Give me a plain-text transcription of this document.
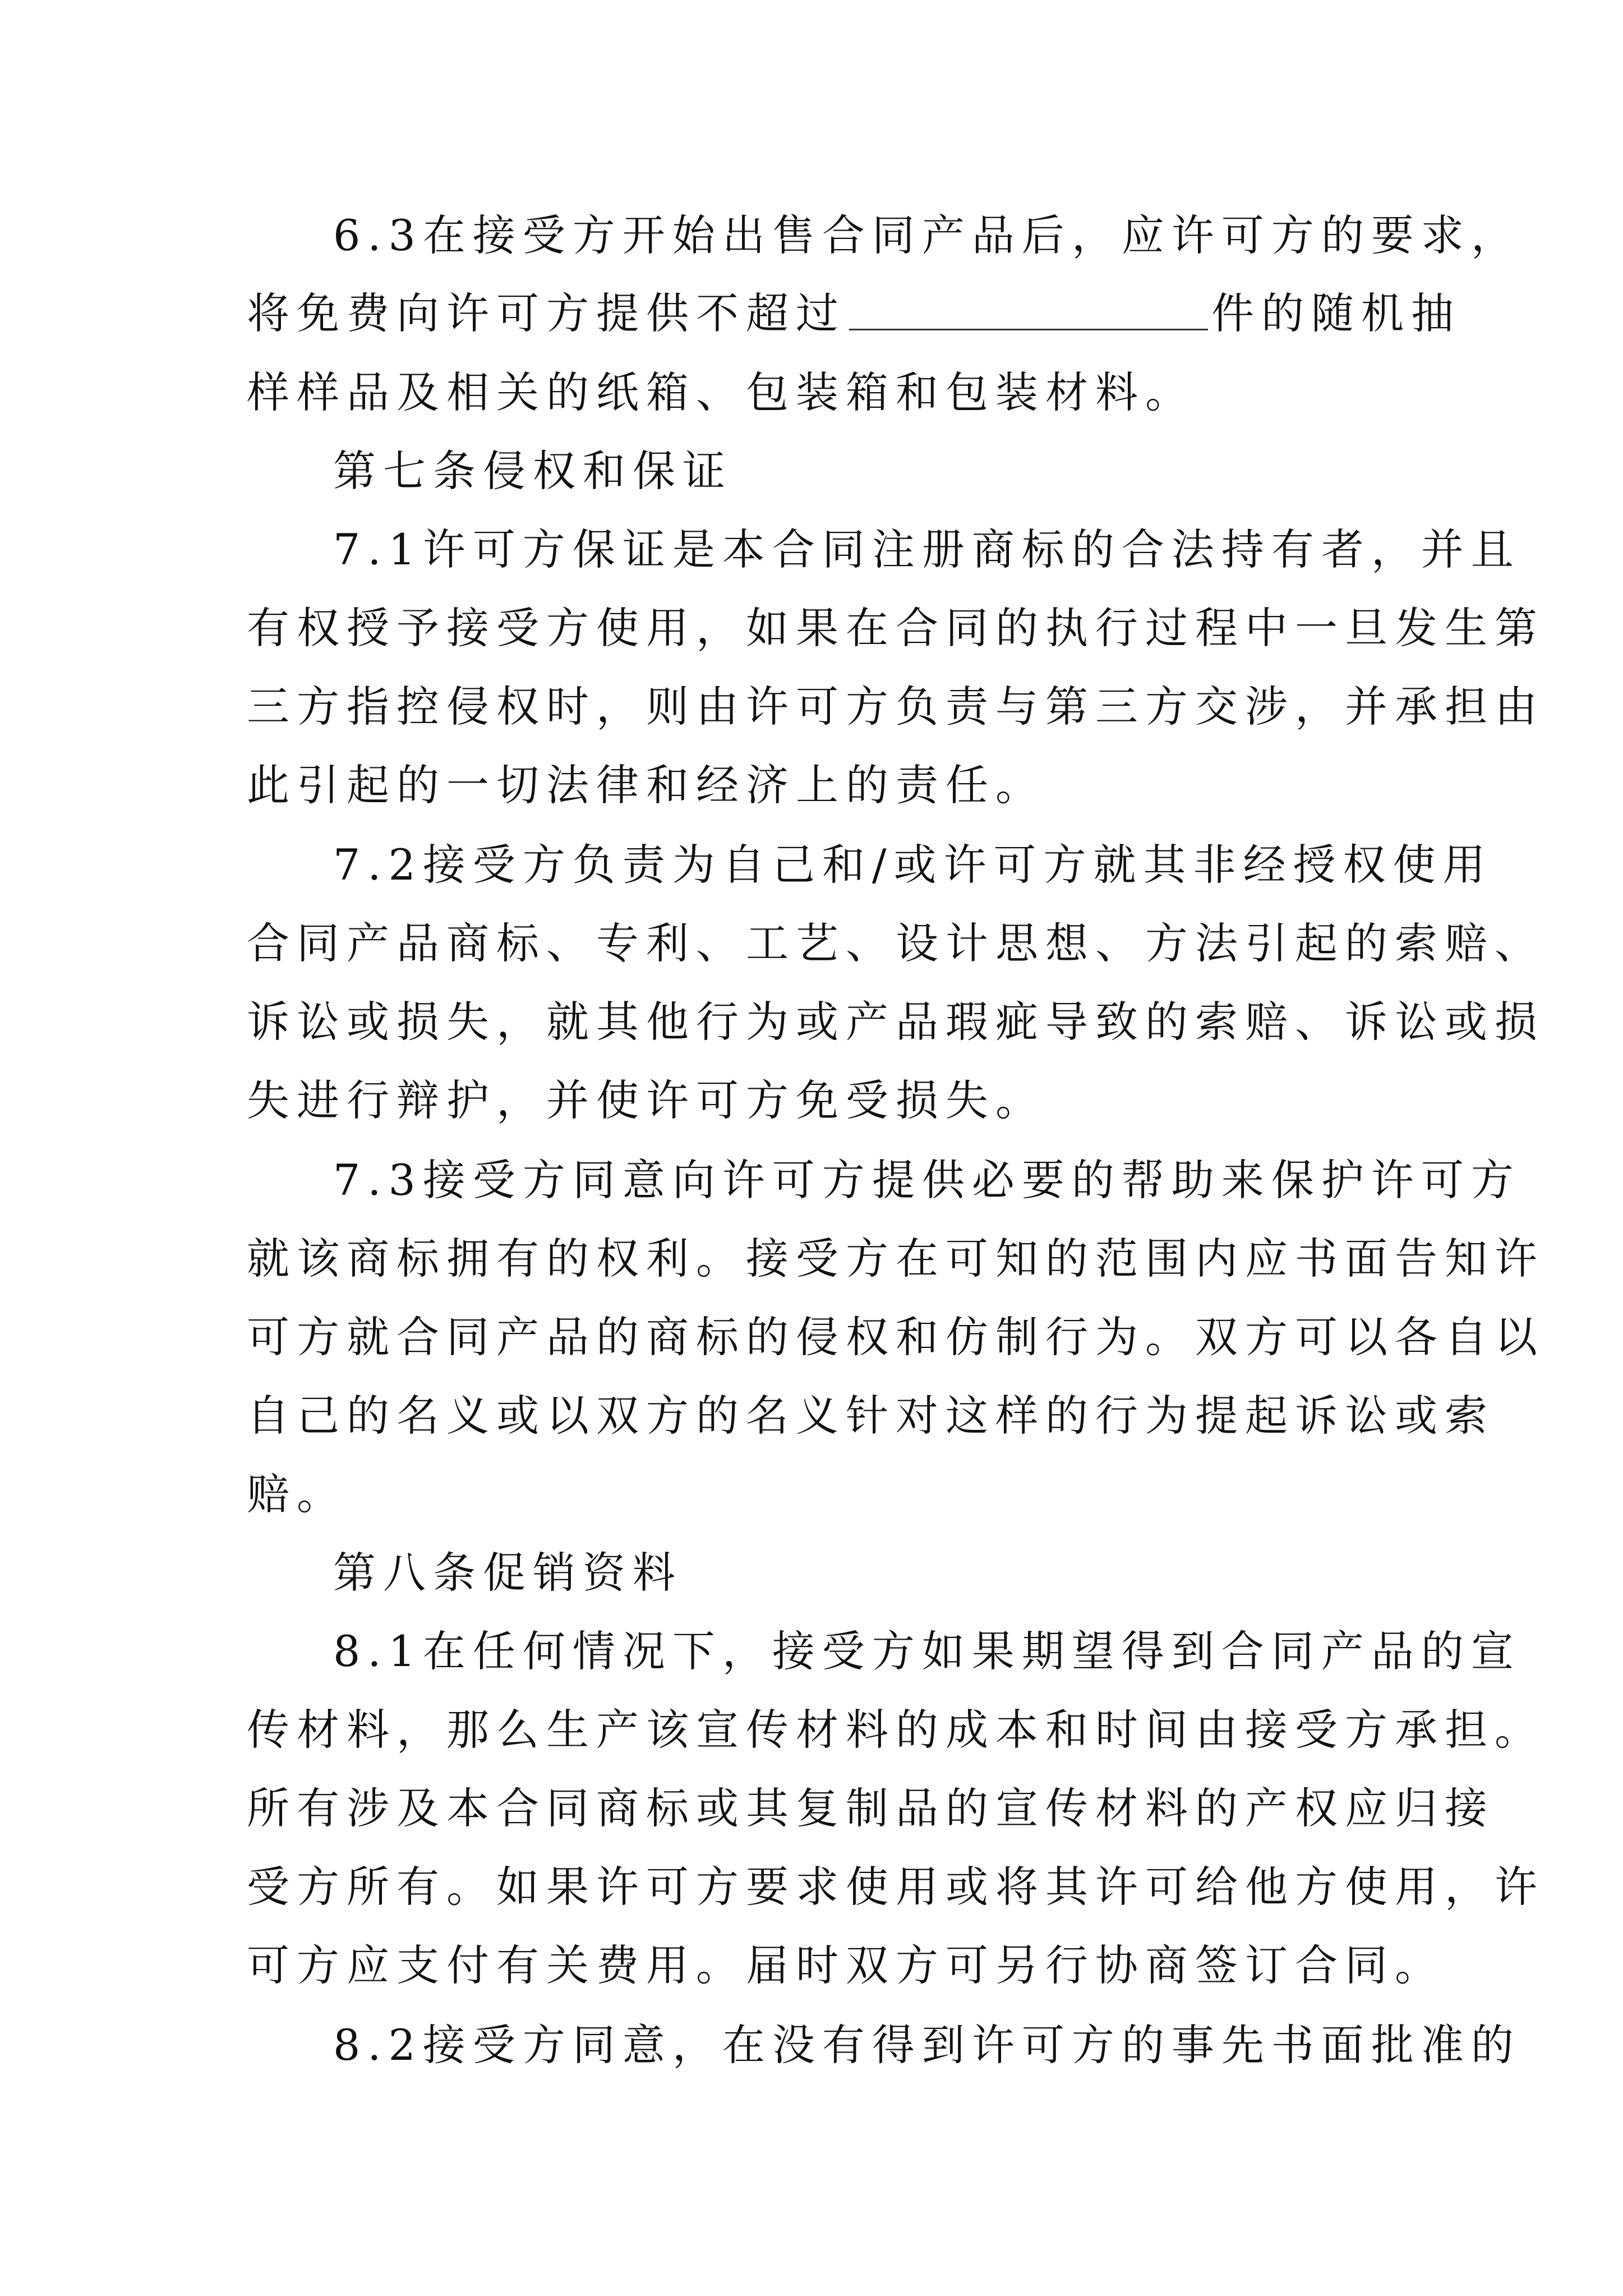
6.3在接受方开始出售合同产品后，应许可方的要求，
将免费向许可方提供不超过	件的随机抽
样样品及相关的纸箱、包装箱和包装材料。
第七条侵权和保证
7.1许可方保证是本合同注册商标的合法持有者，并且
有权授予接受方使用，如果在合同的执行过程中一旦发生第
三方指控侵权时，则由许可方负责与第三方交涉，并承担由
此引起的一切法律和经济上的责任。
7.2接受方负责为自己和/或许可方就其非经授权使用
合同产品商标、专利、工艺、设计思想、方法引起的索赔、
诉讼或损失，就其他行为或产品瑕疵导致的索赔、诉讼或损
失进行辩护，并使许可方免受损失。
7.3接受方同意向许可方提供必要的帮助来保护许可方
就该商标拥有的权利。接受方在可知的范围内应书面告知许
可方就合同产品的商标的侵权和仿制行为。双方可以各自以
自己的名义或以双方的名义针对这样的行为提起诉讼或索
赔。
第八条促销资料
8.1在任何情况下，接受方如果期望得到合同产品的宣
传材料，那么生产该宣传材料的成本和时间由接受方承担。
所有涉及本合同商标或其复制品的宣传材料的产权应归接
受方所有。如果许可方要求使用或将其许可给他方使用，许
可方应支付有关费用。届时双方可另行协商签订合同。
8.2接受方同意，在没有得到许可方的事先书面批准的
